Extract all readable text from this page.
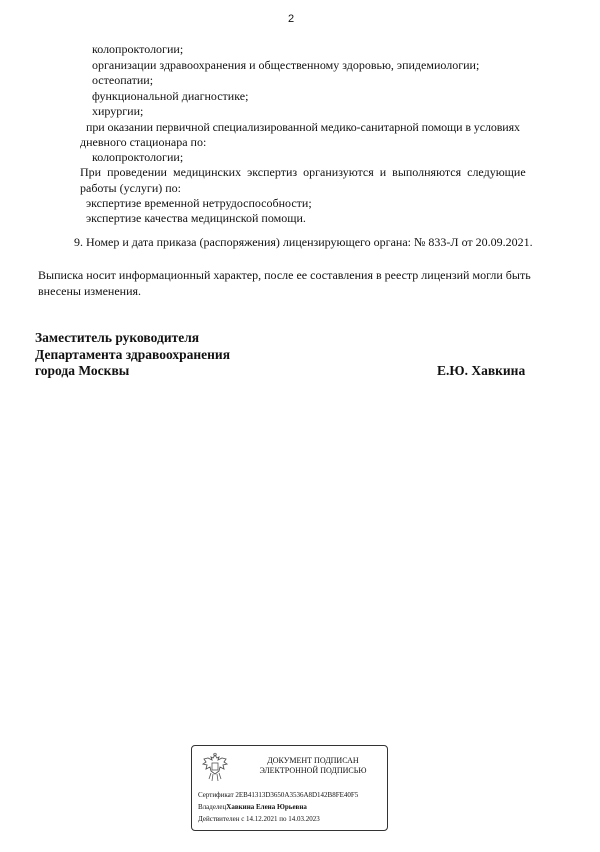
2
колопроктологии;
организации здравоохранения и общественному здоровью, эпидемиологии;
остеопатии;
функциональной диагностике;
хирургии;
при оказании первичной специализированной медико-санитарной помощи в условиях
дневного стационара по:
колопроктологии;
При проведении медицинских экспертиз организуются и выполняются следующие
работы (услуги) по:
экспертизе временной нетрудоспособности;
экспертизе качества медицинской помощи.
9. Номер и дата приказа (распоряжения) лицензирующего органа: № 833-Л от 20.09.2021.
Выписка носит информационный характер, после ее составления в реестр лицензий могли быть
внесены изменения.
Заместитель руководителя
Департамента здравоохранения
города Москвы	Е.Ю. Хавкина
ДОКУМЕНТ ПОДПИСАН
ЭЛЕКТРОННОЙ ПОДПИСЬЮ
Сертификат 2EB41313D3650A3536A8D142B8FE40F5
ВладелецХавкина Елена Юрьевна
Действителен с 14.12.2021 по 14.03.2023
